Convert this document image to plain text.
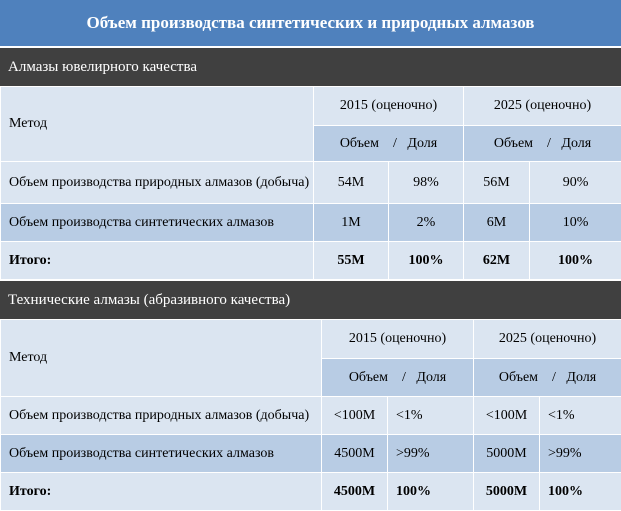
Объем производства синтетических и природных алмазов
Алмазы ювелирного качества
Метод	2015 (оценочно)		2025 (оценочно)	
	Объем / Доля		Объем / Доля	
Объем производства природных алмазов (добыча)	54M	98%	56M	90%
Объем производства синтетических алмазов	1M	2%	6M	10%
Итого:	55M	100%	62M	100%
Технические алмазы (абразивного качества)
Метод	2015 (оценочно)		2025 (оценочно)	
	Объем / Доля		Объем / Доля	
Объем производства природных алмазов (добыча)	<100M	<1%	<100M	<1%
Объем производства синтетических алмазов	4500M	>99%	5000M	>99%
Итого:	4500M	100%	5000M	100%
